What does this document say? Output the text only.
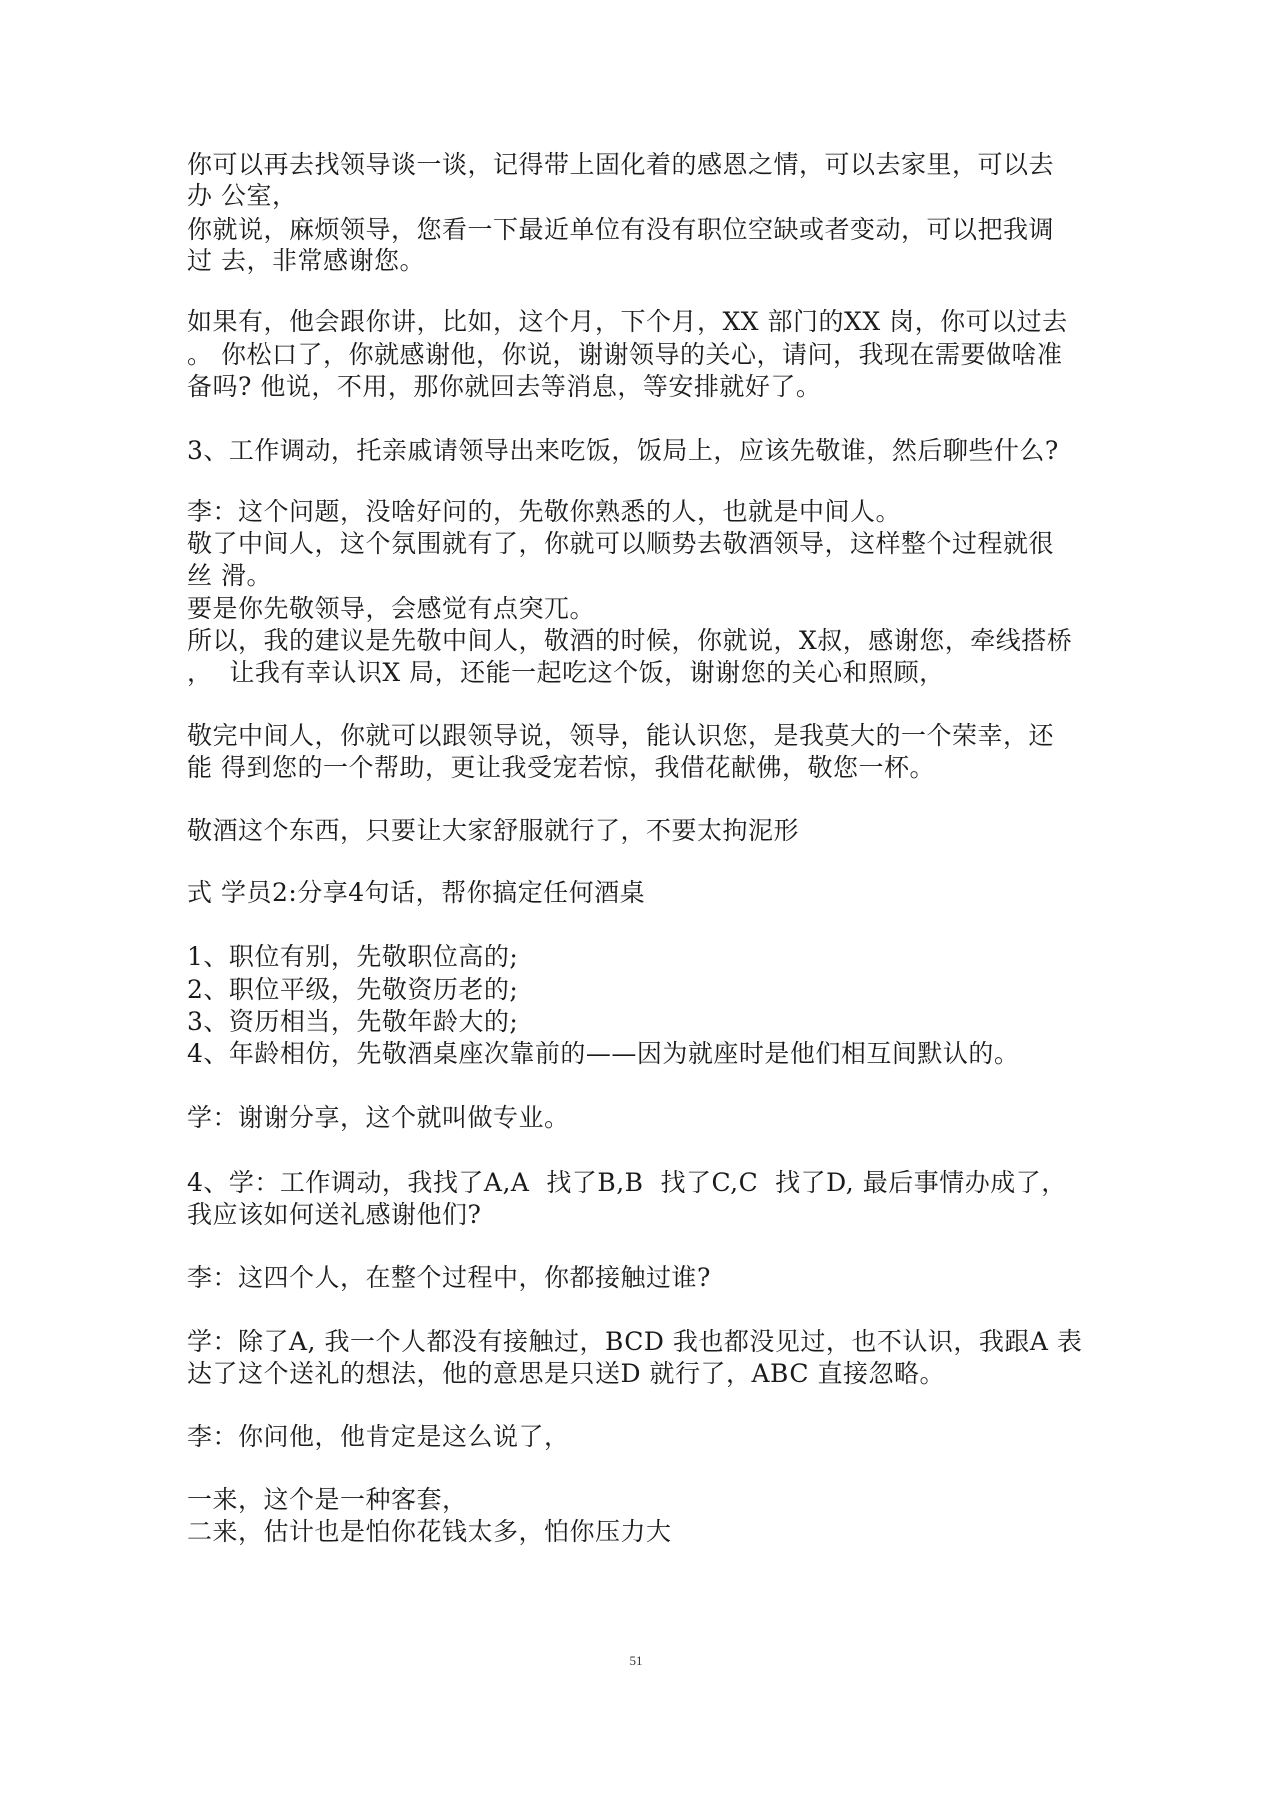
你可以再去找领导谈一谈，记得带上固化着的感恩之情，可以去家里，可以去
办 公室，
你就说，麻烦领导，您看一下最近单位有没有职位空缺或者变动，可以把我调
过 去，非常感谢您。
如果有，他会跟你讲，比如，这个月，下个月，XX 部门的XX 岗，你可以过去
。 你松口了，你就感谢他，你说，谢谢领导的关心，请问，我现在需要做啥准
备吗? 他说，不用，那你就回去等消息，等安排就好了。
3、工作调动，托亲戚请领导出来吃饭，饭局上，应该先敬谁，然后聊些什么?
李：这个问题，没啥好问的，先敬你熟悉的人，也就是中间人。
敬了中间人，这个氛围就有了，你就可以顺势去敬酒领导，这样整个过程就很
丝 滑。
要是你先敬领导，会感觉有点突兀。
所以，我的建议是先敬中间人，敬酒的时候，你就说，X叔，感谢您，牵线搭桥
，  让我有幸认识X 局，还能一起吃这个饭，谢谢您的关心和照顾，
敬完中间人，你就可以跟领导说，领导，能认识您，是我莫大的一个荣幸，还
能 得到您的一个帮助，更让我受宠若惊，我借花献佛，敬您一杯。
敬酒这个东西，只要让大家舒服就行了，不要太拘泥形
式 学员2:分享4句话，帮你搞定任何酒桌
1、职位有别，先敬职位高的;
2、职位平级，先敬资历老的;
3、资历相当，先敬年龄大的;
4、年龄相仿，先敬酒桌座次靠前的——因为就座时是他们相互间默认的。
学：谢谢分享，这个就叫做专业。
4、学：工作调动，我找了A,A  找了B,B  找了C,C  找了D, 最后事情办成了，
我应该如何送礼感谢他们?
李：这四个人，在整个过程中，你都接触过谁?
学：除了A, 我一个人都没有接触过，BCD 我也都没见过，也不认识，我跟A 表
达了这个送礼的想法，他的意思是只送D 就行了，ABC 直接忽略。
李：你问他，他肯定是这么说了，
一来，这个是一种客套，
二来，估计也是怕你花钱太多，怕你压力大
51
